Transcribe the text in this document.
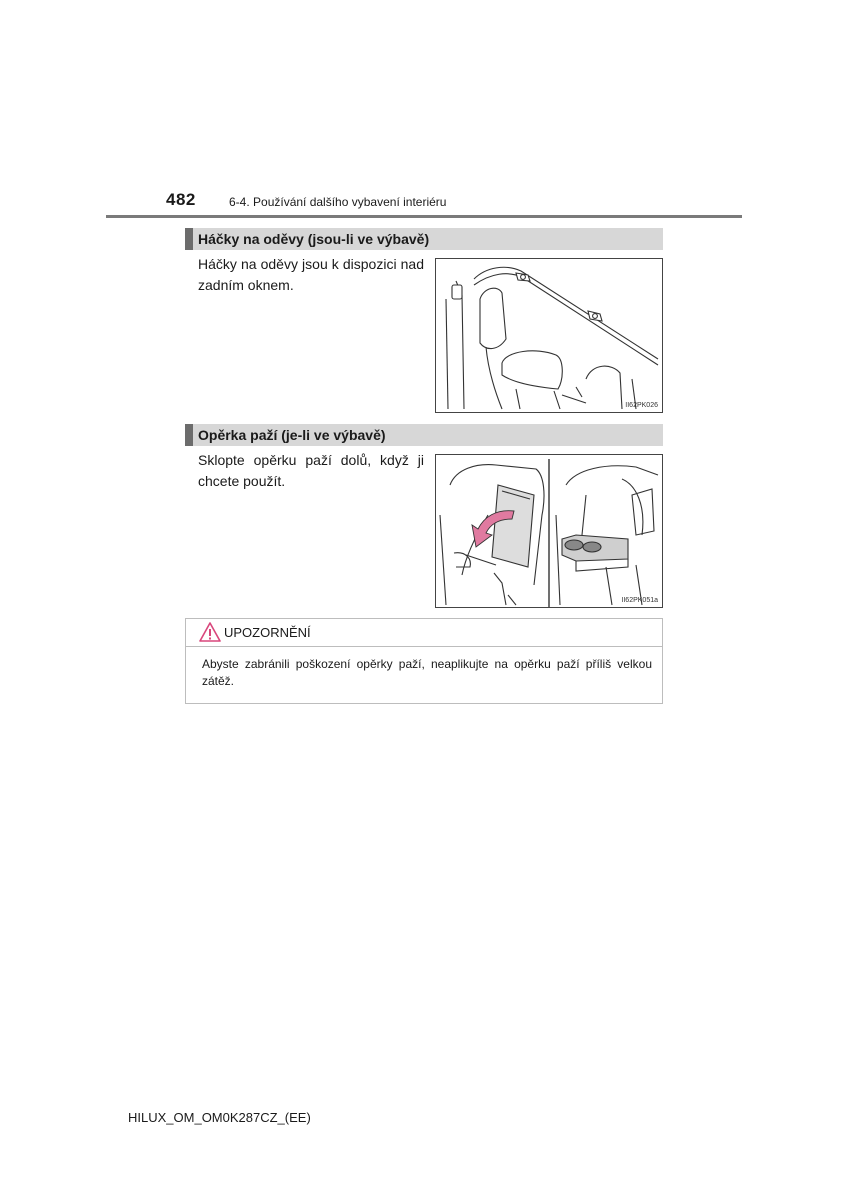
482	6-4. Používání dalšího vybavení interiéru
Háčky na oděvy (jsou-li ve výbavě)
Háčky na oděvy jsou k dispozici nad zadním oknem.
II62PK026
Opěrka paží (je-li ve výbavě)
Sklopte opěrku paží dolů, když ji chcete použít.
II62PK051a
UPOZORNĚNÍ
Abyste zabránili poškození opěrky paží, neaplikujte na opěrku paží příliš velkou zátěž.
HILUX_OM_OM0K287CZ_(EE)
